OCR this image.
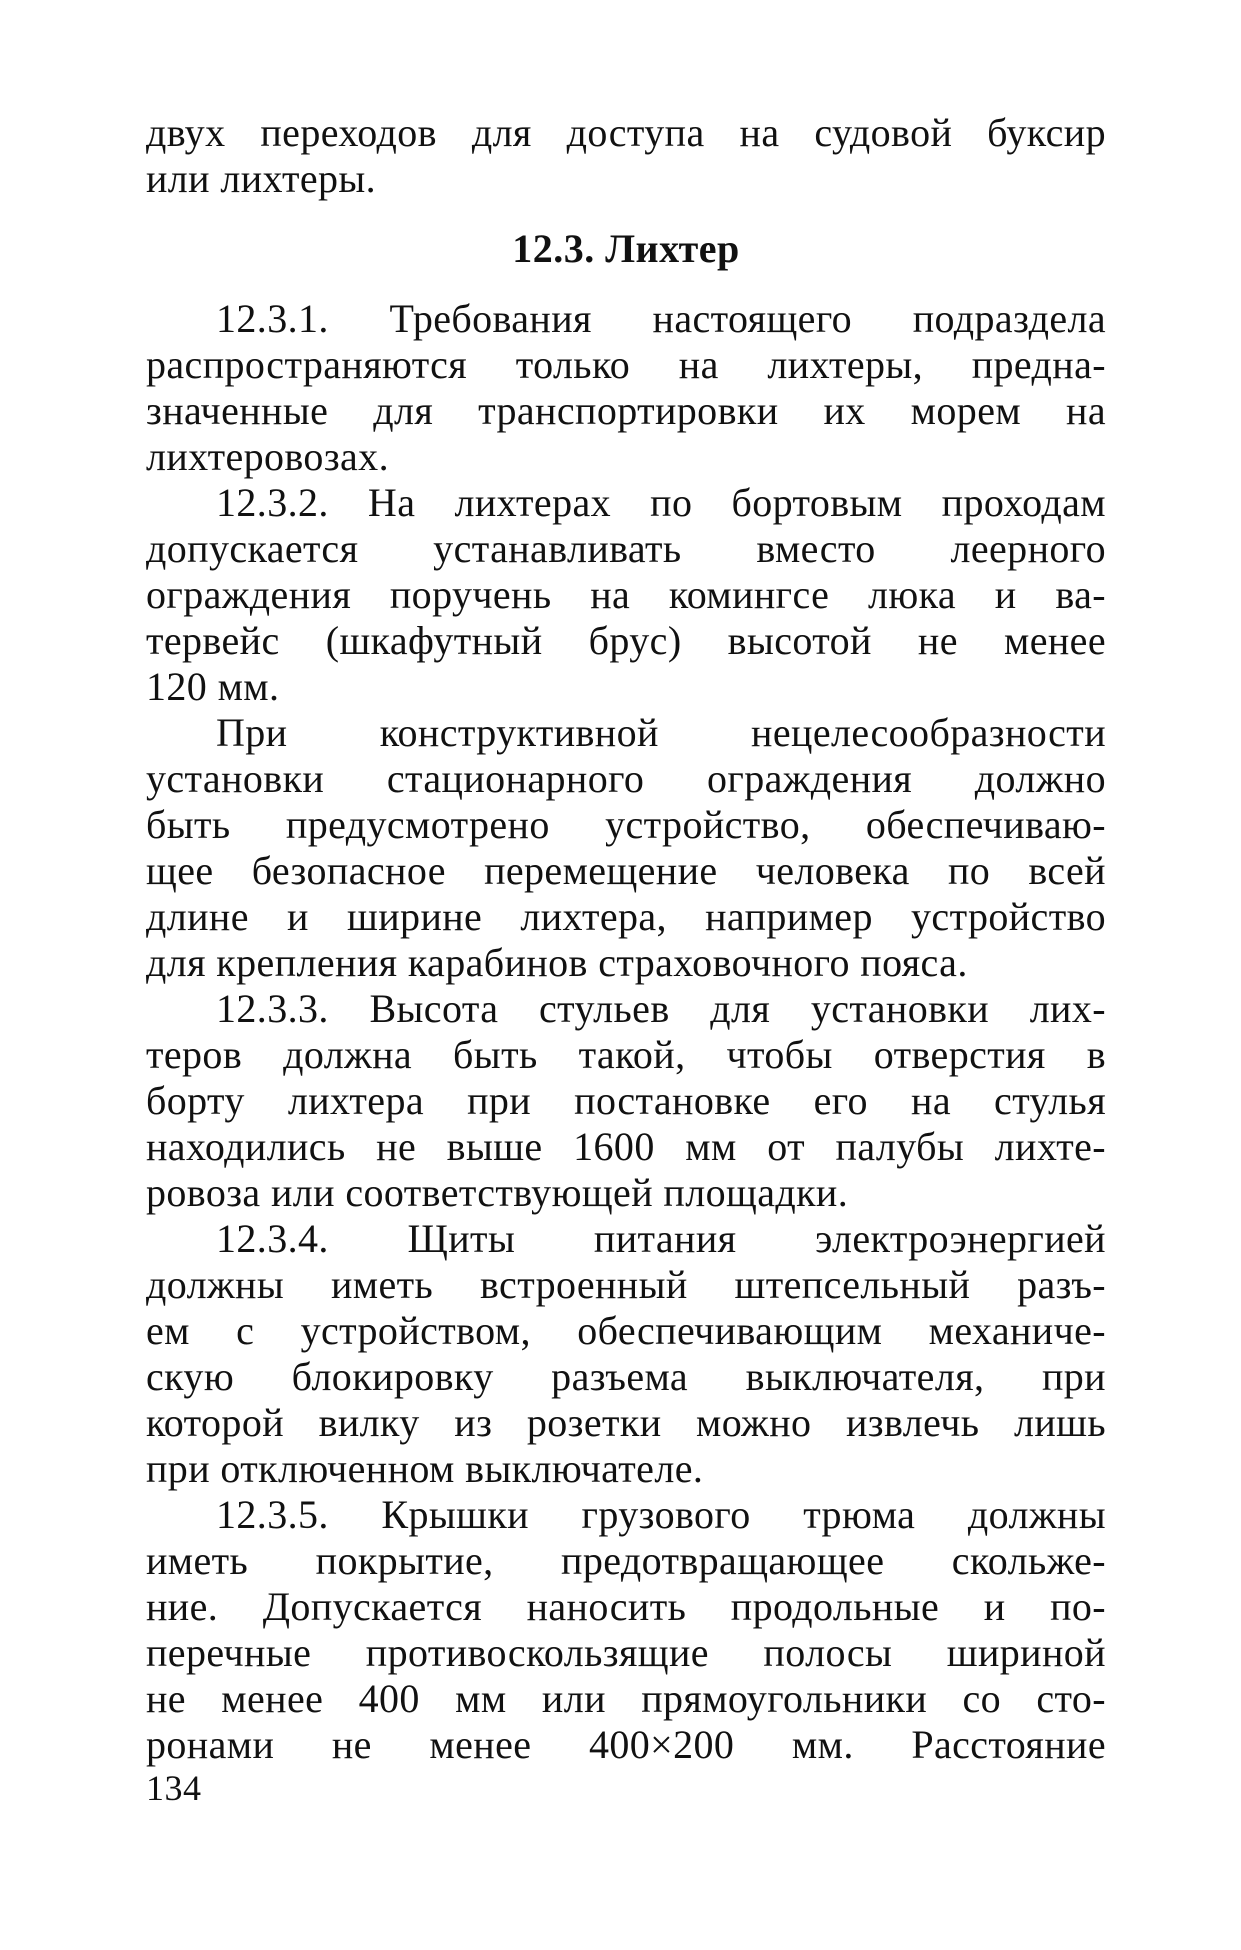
двух переходов для доступа на судовой буксир
или лихтеры.
12.3. Лихтер
12.3.1. Требования настоящего подраздела
распространяются только на лихтеры, предна-
значенные для транспортировки их морем на
лихтеровозах.
12.3.2. На лихтерах по бортовым проходам
допускается устанавливать вместо леерного
ограждения поручень на комингсе люка и ва-
тервейс (шкафутный брус) высотой не менее
120 мм.
При конструктивной нецелесообразности
установки стационарного ограждения должно
быть предусмотрено устройство, обеспечиваю-
щее безопасное перемещение человека по всей
длине и ширине лихтера, например устройство
для крепления карабинов страховочного пояса.
12.3.3. Высота стульев для установки лих-
теров должна быть такой, чтобы отверстия в
борту лихтера при постановке его на стулья
находились не выше 1600 мм от палубы лихте-
ровоза или соответствующей площадки.
12.3.4. Щиты питания электроэнергией
должны иметь встроенный штепсельный разъ-
ем с устройством, обеспечивающим механиче-
скую блокировку разъема выключателя, при
которой вилку из розетки можно извлечь лишь
при отключенном выключателе.
12.3.5. Крышки грузового трюма должны
иметь покрытие, предотвращающее скольже-
ние. Допускается наносить продольные и по-
перечные противоскользящие полосы шириной
не менее 400 мм или прямоугольники со сто-
ронами не менее 400×200 мм. Расстояние
134
